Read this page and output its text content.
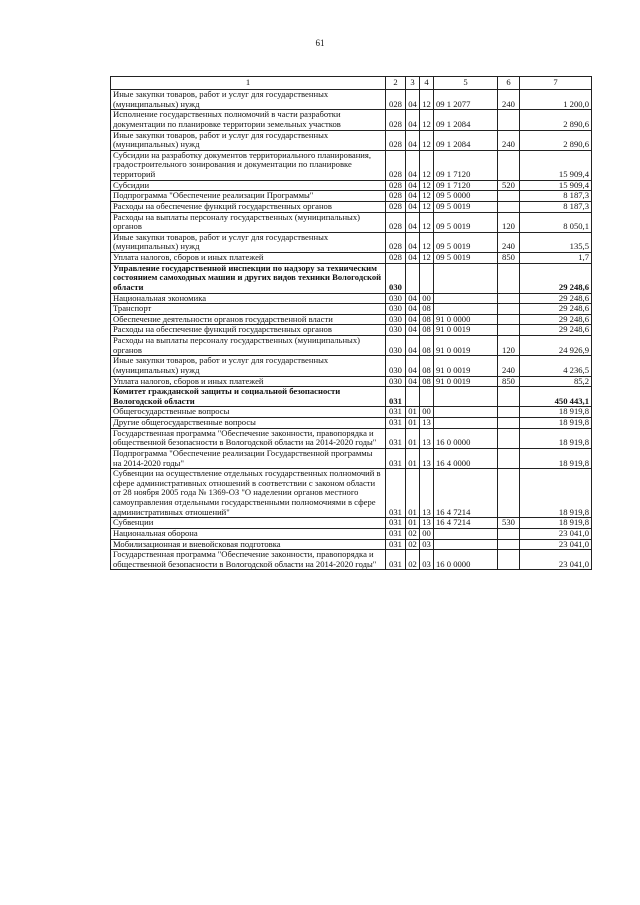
61
1	2	3	4	5	6	7
Иные закупки товаров, работ и услуг для государственных (муниципальных) нужд	028	04	12	09 1 2077	240	1 200,0
Исполнение государственных полномочий в части разработки документации по планировке территории земельных участков	028	04	12	09 1 2084		2 890,6
Иные закупки товаров, работ и услуг для государственных (муниципальных) нужд	028	04	12	09 1 2084	240	2 890,6
Субсидии на разработку документов территориального планирования, градостроительного зонирования и документации по планировке территорий	028	04	12	09 1 7120		15 909,4
Субсидии	028	04	12	09 1 7120	520	15 909,4
Подпрограмма "Обеспечение реализации Программы"	028	04	12	09 5 0000		8 187,3
Расходы на обеспечение функций государственных органов	028	04	12	09 5 0019		8 187,3
Расходы на выплаты персоналу государственных (муниципальных) органов	028	04	12	09 5 0019	120	8 050,1
Иные закупки товаров, работ и услуг для государственных (муниципальных) нужд	028	04	12	09 5 0019	240	135,5
Уплата налогов, сборов и иных платежей	028	04	12	09 5 0019	850	1,7
Управление государственной инспекции по надзору за техническим состоянием самоходных машин и других видов техники Вологодской области	030					29 248,6
Национальная экономика	030	04	00			29 248,6
Транспорт	030	04	08			29 248,6
Обеспечение деятельности органов государственной власти	030	04	08	91 0 0000		29 248,6
Расходы на обеспечение функций государственных органов	030	04	08	91 0 0019		29 248,6
Расходы на выплаты персоналу государственных (муниципальных) органов	030	04	08	91 0 0019	120	24 926,9
Иные закупки товаров, работ и услуг для государственных (муниципальных) нужд	030	04	08	91 0 0019	240	4 236,5
Уплата налогов, сборов и иных платежей	030	04	08	91 0 0019	850	85,2
Комитет гражданской защиты и социальной безопасности Вологодской области	031					450 443,1
Общегосударственные вопросы	031	01	00			18 919,8
Другие общегосударственные вопросы	031	01	13			18 919,8
Государственная программа "Обеспечение законности, правопорядка и общественной безопасности в Вологодской области на 2014-2020 годы"	031	01	13	16 0 0000		18 919,8
Подпрограмма "Обеспечение реализации Государственной программы на 2014-2020 годы"	031	01	13	16 4 0000		18 919,8
Субвенции на осуществление отдельных государственных полномочий в сфере административных отношений в соответствии с законом области от 28 ноября 2005 года № 1369-ОЗ "О наделении органов местного самоуправления отдельными государственными полномочиями в сфере административных отношений"	031	01	13	16 4 7214		18 919,8
Субвенции	031	01	13	16 4 7214	530	18 919,8
Национальная оборона	031	02	00			23 041,0
Мобилизационная и вневойсковая подготовка	031	02	03			23 041,0
Государственная программа "Обеспечение законности, правопорядка и общественной безопасности в Вологодской области на 2014-2020 годы"	031	02	03	16 0 0000		23 041,0
